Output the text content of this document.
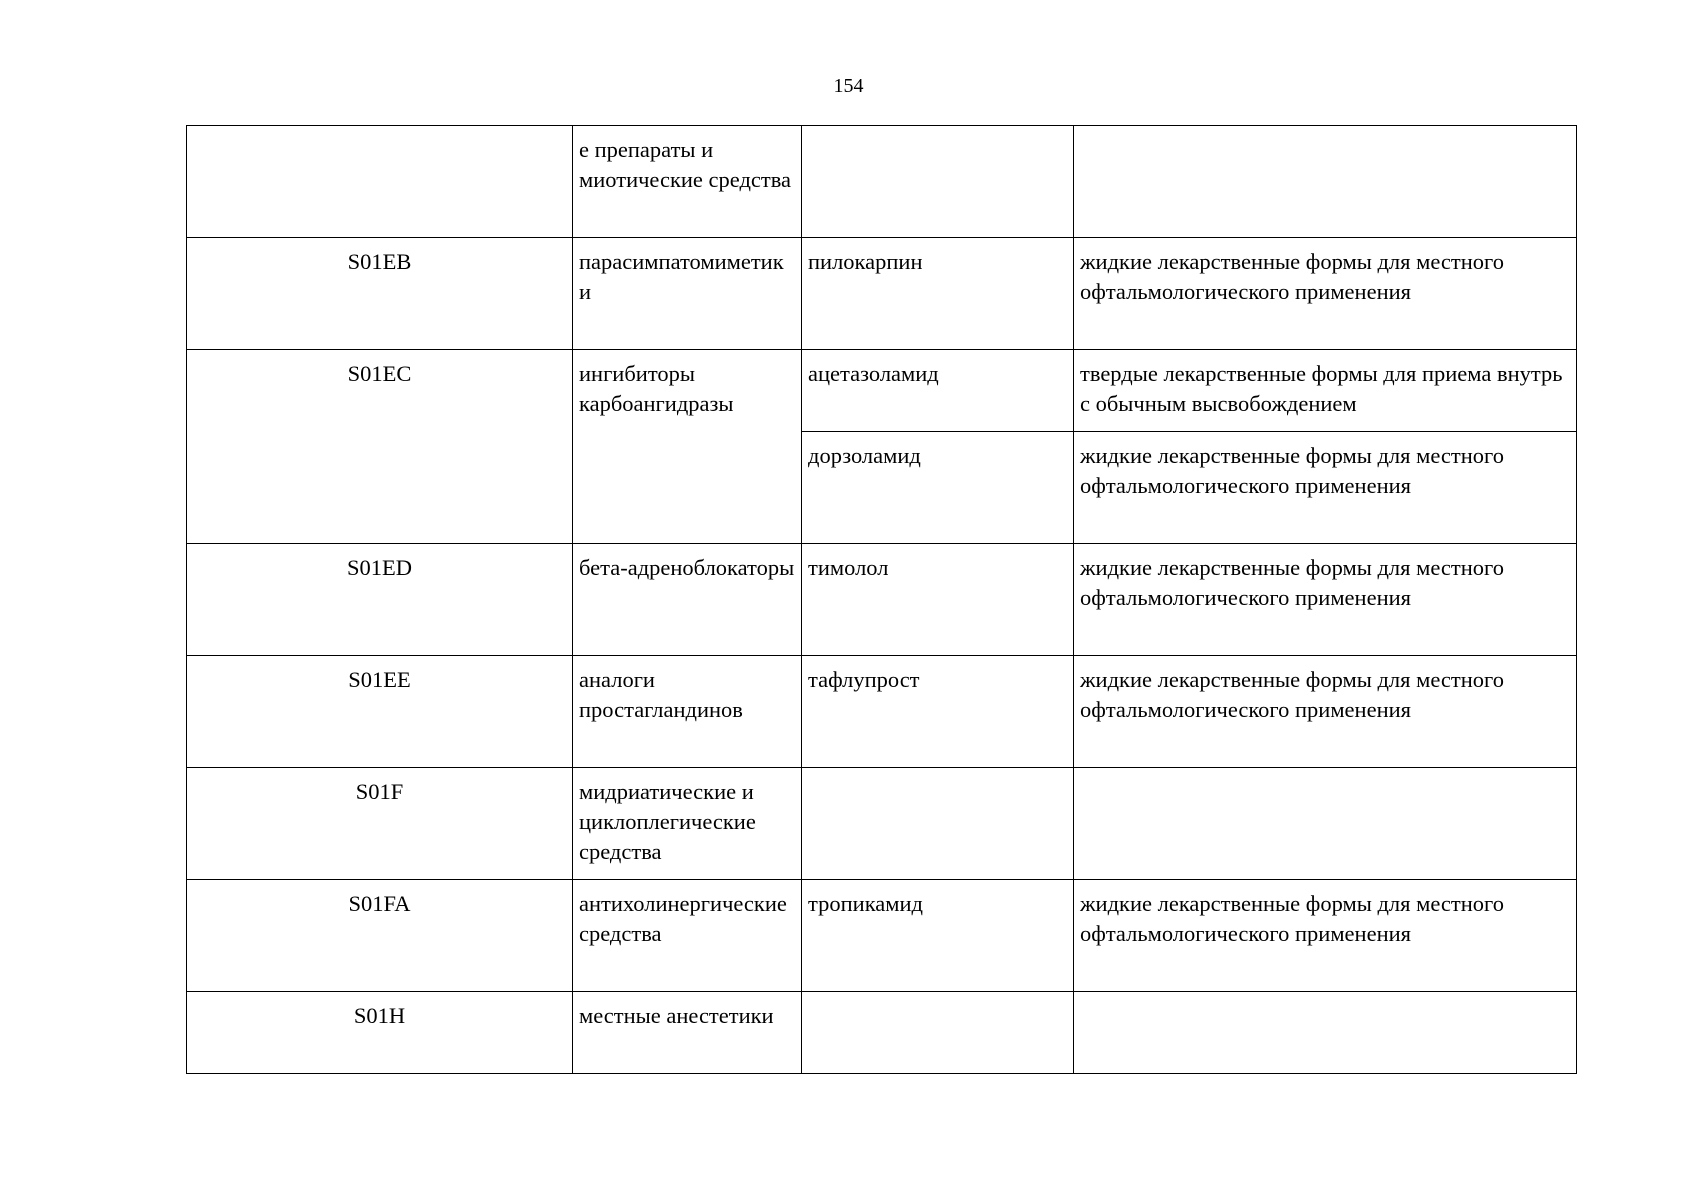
154
	е препараты и миотические средства		
S01EB	парасимпатомиметики	пилокарпин	жидкие лекарственные формы для местного офтальмологического применения
S01EC	ингибиторы карбоангидразы	ацетазоламид	твердые лекарственные формы для приема внутрь с обычным высвобождением
		дорзоламид	жидкие лекарственные формы для местного офтальмологического применения
S01ED	бета-адреноблокаторы	тимолол	жидкие лекарственные формы для местного офтальмологического применения
S01EE	аналоги простагландинов	тафлупрост	жидкие лекарственные формы для местного офтальмологического применения
S01F	мидриатические и циклоплегические средства		
S01FA	антихолинергические средства	тропикамид	жидкие лекарственные формы для местного офтальмологического применения
S01H	местные анестетики		
